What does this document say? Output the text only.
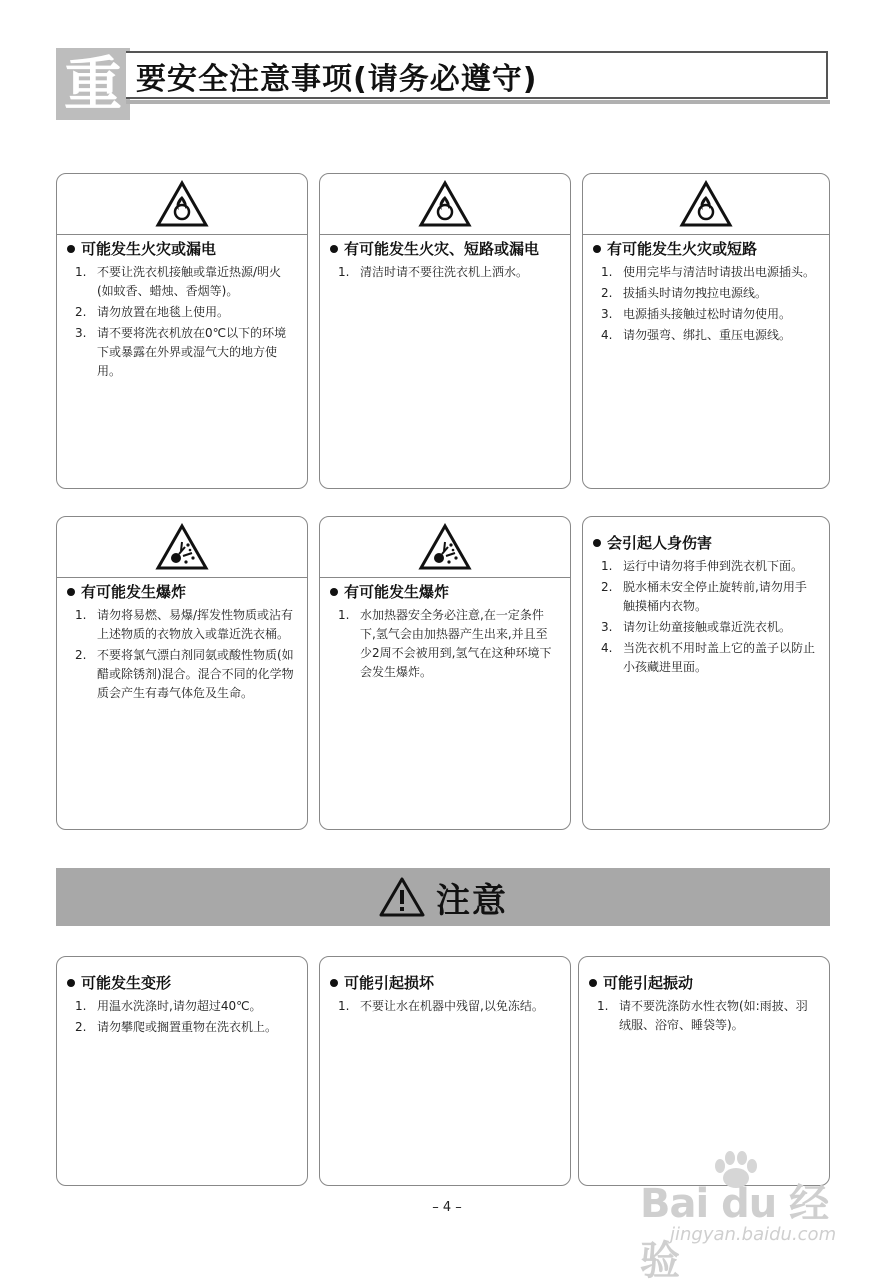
重 要安全注意事项(请务必遵守)
可能发生火灾或漏电
1. 不要让洗衣机接触或靠近热源/明火(如蚊香、蜡烛、香烟等)。
2. 请勿放置在地毯上使用。
3. 请不要将洗衣机放在0℃以下的环境下或暴露在外界或湿气大的地方使用。
有可能发生火灾、短路或漏电
1. 清洁时请不要往洗衣机上洒水。
有可能发生火灾或短路
1. 使用完毕与清洁时请拔出电源插头。
2. 拔插头时请勿拽拉电源线。
3. 电源插头接触过松时请勿使用。
4. 请勿强弯、绑扎、重压电源线。
有可能发生爆炸
1. 请勿将易燃、易爆/挥发性物质或沾有上述物质的衣物放入或靠近洗衣桶。
2. 不要将氯气漂白剂同氨或酸性物质(如醋或除锈剂)混合。混合不同的化学物质会产生有毒气体危及生命。
有可能发生爆炸
1. 水加热器安全务必注意,在一定条件下,氢气会由加热器产生出来,并且至少2周不会被用到,氢气在这种环境下会发生爆炸。
会引起人身伤害
1. 运行中请勿将手伸到洗衣机下面。
2. 脱水桶未安全停止旋转前,请勿用手触摸桶内衣物。
3. 请勿让幼童接触或靠近洗衣机。
4. 当洗衣机不用时盖上它的盖子以防止小孩藏进里面。
注意
可能发生变形
1. 用温水洗涤时,请勿超过40℃。
2. 请勿攀爬或搁置重物在洗衣机上。
可能引起损坏
1. 不要让水在机器中残留,以免冻结。
可能引起振动
1. 请不要洗涤防水性衣物(如:雨披、羽绒服、浴帘、睡袋等)。
– 4 –	Bai du 经验
jingyan.baidu.com
